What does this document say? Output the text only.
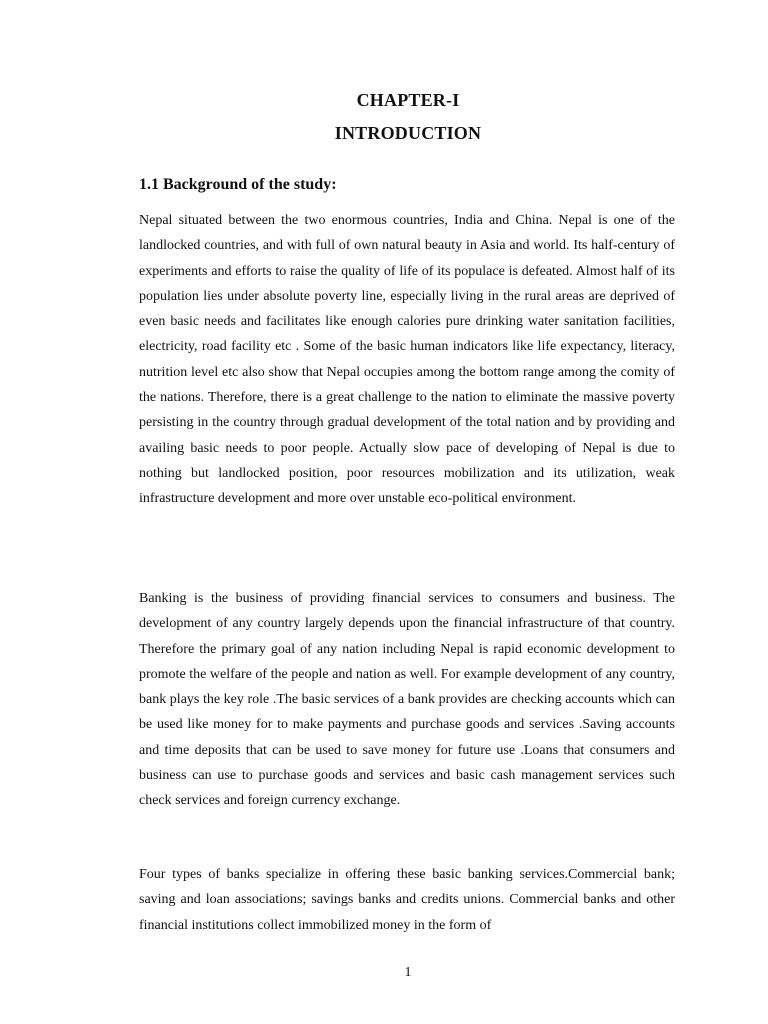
CHAPTER-I
INTRODUCTION
1.1 Background of the study:

Nepal situated between the two enormous countries, India and China. Nepal is one of the landlocked countries, and with full of own natural beauty in Asia and world. Its half-century of experiments and efforts to raise the quality of life of its populace is defeated. Almost half of its population lies under absolute poverty line, especially living in the rural areas are deprived of even basic needs and facilitates like enough calories pure drinking water sanitation facilities, electricity, road facility etc . Some of the basic human indicators like life expectancy, literacy, nutrition level etc also show that Nepal occupies among the bottom range among the comity of the nations. Therefore, there is a great challenge to the nation to eliminate the massive poverty persisting in the country through gradual development of the total nation and by providing and availing basic needs to poor people. Actually slow pace of developing of Nepal is due to nothing but landlocked position, poor resources mobilization and its utilization, weak infrastructure development and more over unstable eco-political environment.

Banking is the business of providing financial services to consumers and business. The development of any country largely depends upon the financial infrastructure of that country. Therefore the primary goal of any nation including Nepal is rapid economic development to promote the welfare of the people and nation as well. For example development of any country, bank plays the key role .The basic services of a bank provides are checking accounts which can be used like money for to make payments and purchase goods and services .Saving accounts and time deposits that can be used to save money for future use .Loans that consumers and business can use to purchase goods and services and basic cash management services such check services and foreign currency exchange.

Four types of banks specialize in offering these basic banking services.Commercial bank; saving and loan associations; savings banks and credits unions. Commercial banks and other financial institutions collect immobilized money in the form of

1
